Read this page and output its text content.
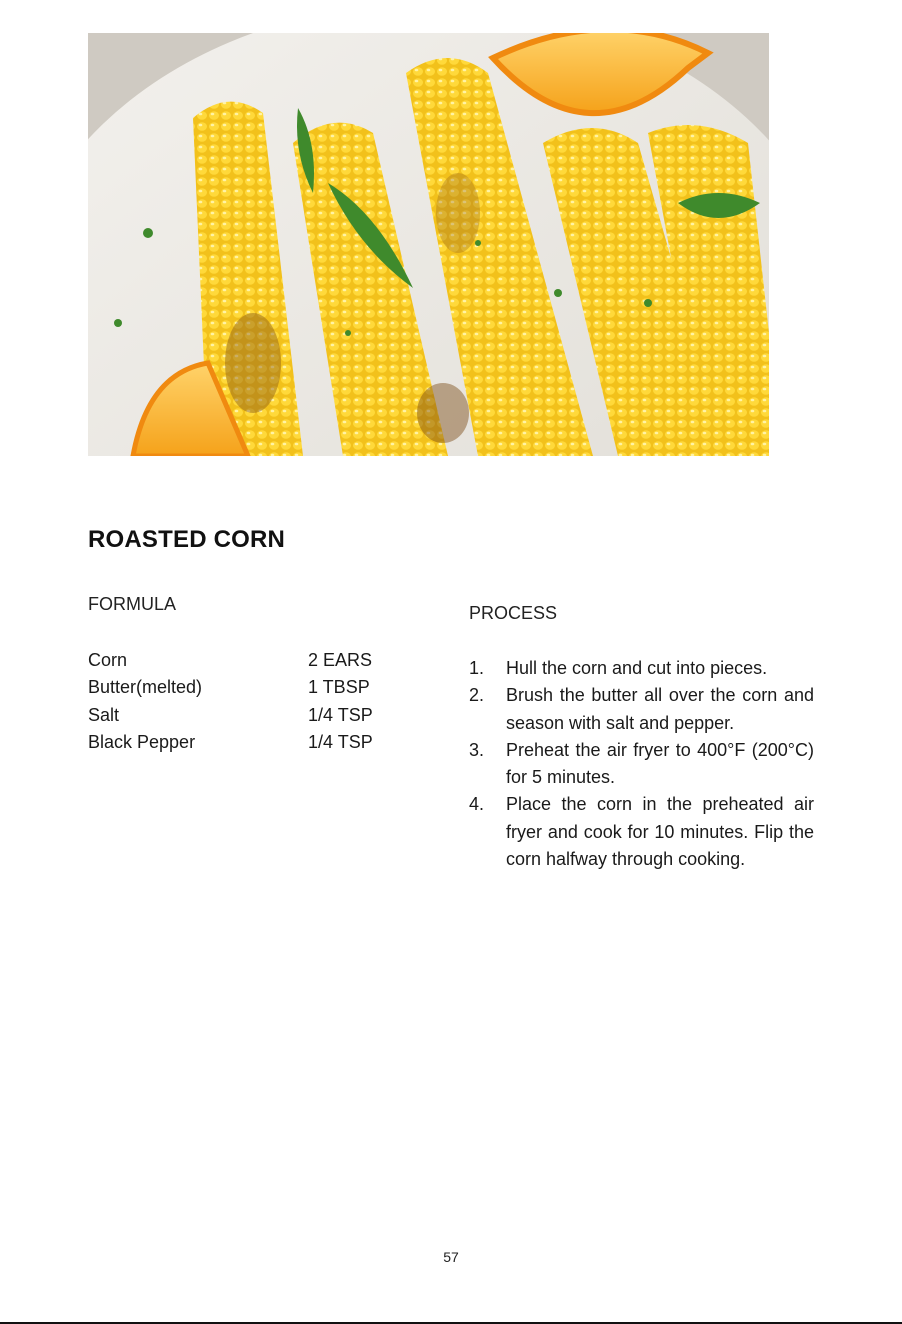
ROASTED CORN
FORMULA	PROCESS
Corn	2 EARS
Butter(melted)	1 TBSP
Salt	1/4 TSP
Black Pepper	1/4 TSP
1.	Hull the corn and cut into pieces.
2.	Brush the butter all over the corn and season with salt and pepper.
3.	Preheat the air fryer to 400°F (200°C) for 5 minutes.
4.	Place the corn in the preheated air fryer and cook for 10 minutes. Flip the corn halfway through cooking.
57
